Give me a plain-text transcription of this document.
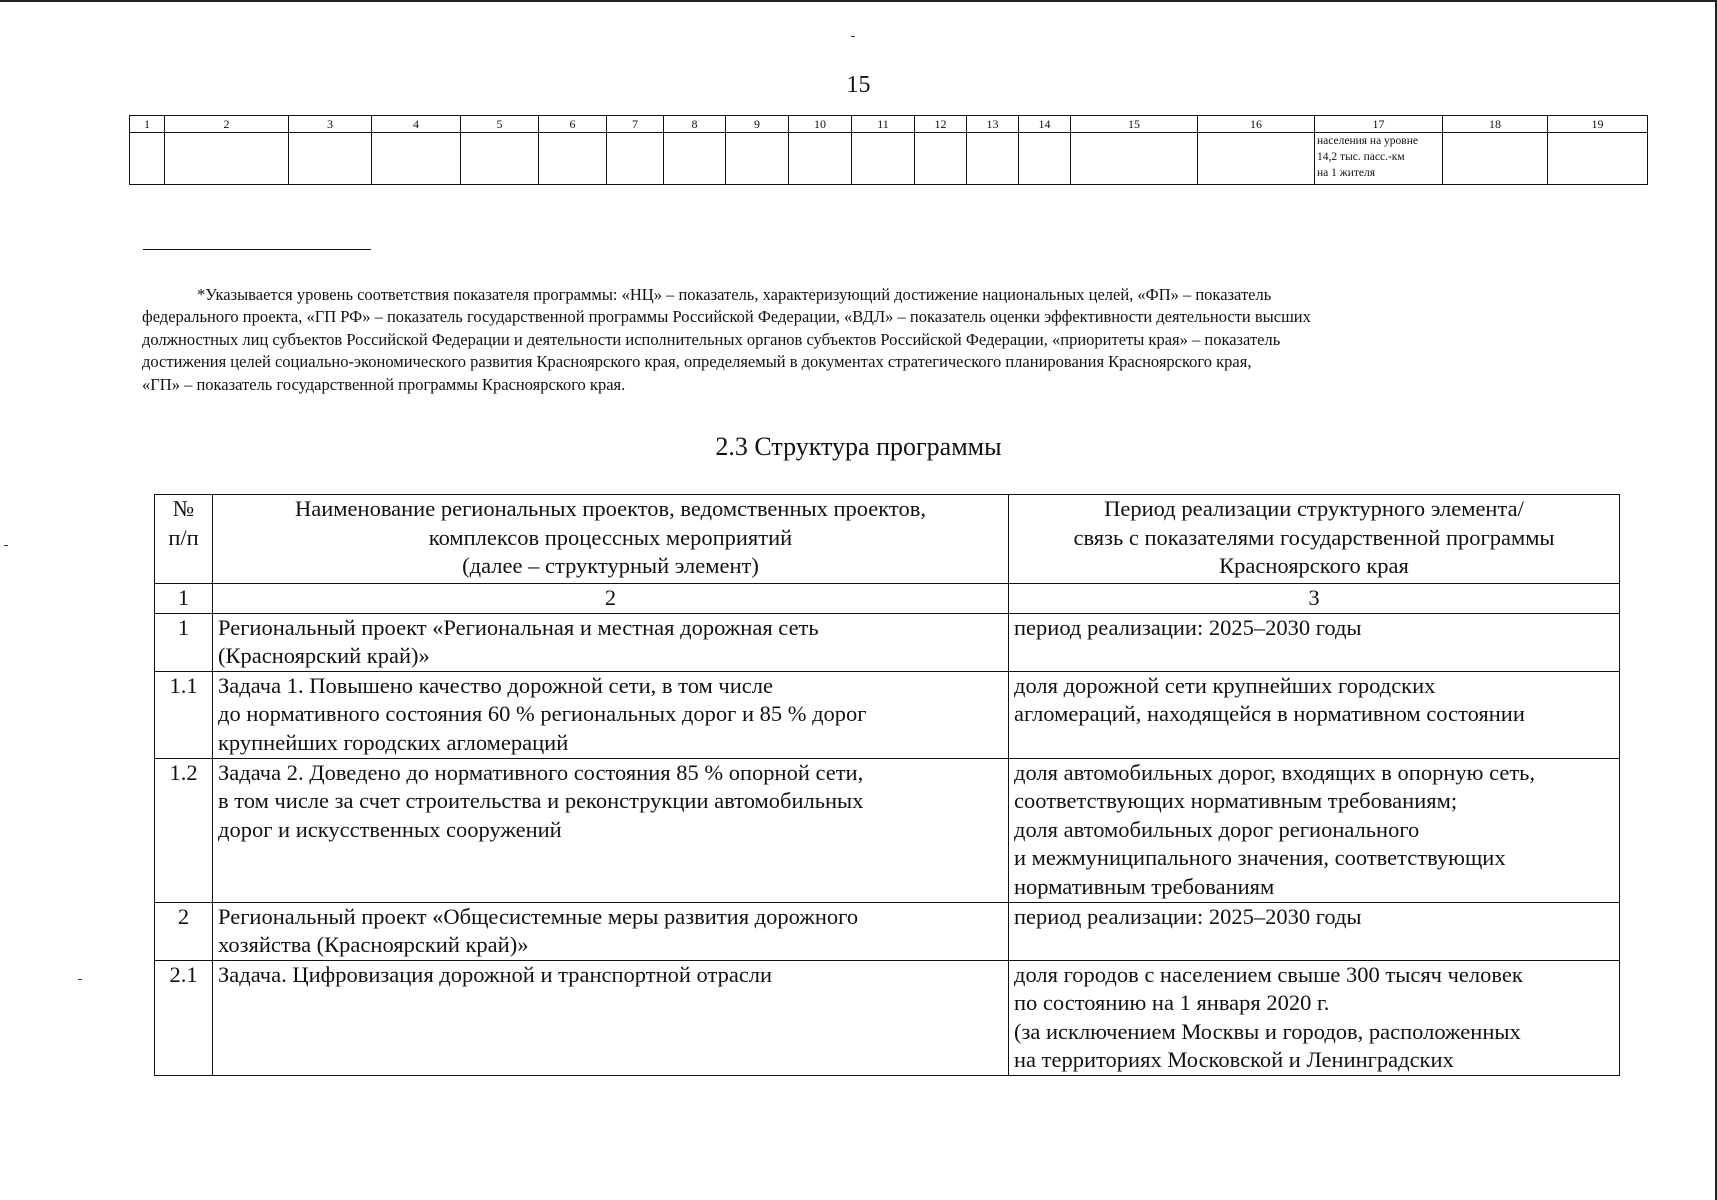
15
1	2	3	4	5	6	7	8	9	10	11	12	13	14	15	16	17	18	19

																населения на уровне
14,2 тыс. пасс.-км
на 1 жителя		

*Указывается уровень соответствия показателя программы: «НЦ» – показатель, характеризующий достижение национальных целей, «ФП» – показатель
федерального проекта, «ГП РФ» – показатель государственной программы Российской Федерации, «ВДЛ» – показатель оценки эффективности деятельности высших
должностных лиц субъектов Российской Федерации и деятельности исполнительных органов субъектов Российской Федерации, «приоритеты края» – показатель
достижения целей социально-экономического развития Красноярского края, определяемый в документах стратегического планирования Красноярского края,
«ГП» – показатель государственной программы Красноярского края.
2.3 Структура программы
№
п/п	Наименование региональных проектов, ведомственных проектов,
комплексов процессных мероприятий
(далее – структурный элемент)	Период реализации структурного элемента/
связь с показателями государственной программы
Красноярского края

1	2	3
1	Региональный проект «Региональная и местная дорожная сеть
(Красноярский край)»	период реализации: 2025–2030 годы

1.1	Задача 1. Повышено качество дорожной сети, в том числе
до нормативного состояния 60 % региональных дорог и 85 % дорог
крупнейших городских агломераций	доля дорожной сети крупнейших городских
агломераций, находящейся в нормативном состоянии

1.2	Задача 2. Доведено до нормативного состояния 85 % опорной сети,
в том числе за счет строительства и реконструкции автомобильных
дорог и искусственных сооружений	доля автомобильных дорог, входящих в опорную сеть,
соответствующих нормативным требованиям;
доля автомобильных дорог регионального
и межмуниципального значения, соответствующих
нормативным требованиям

2	Региональный проект «Общесистемные меры развития дорожного
хозяйства (Красноярский край)»	период реализации: 2025–2030 годы

2.1	Задача. Цифровизация дорожной и транспортной отрасли	доля городов с населением свыше 300 тысяч человек
по состоянию на 1 января 2020 г.
(за исключением Москвы и городов, расположенных
на территориях Московской и Ленинградских
